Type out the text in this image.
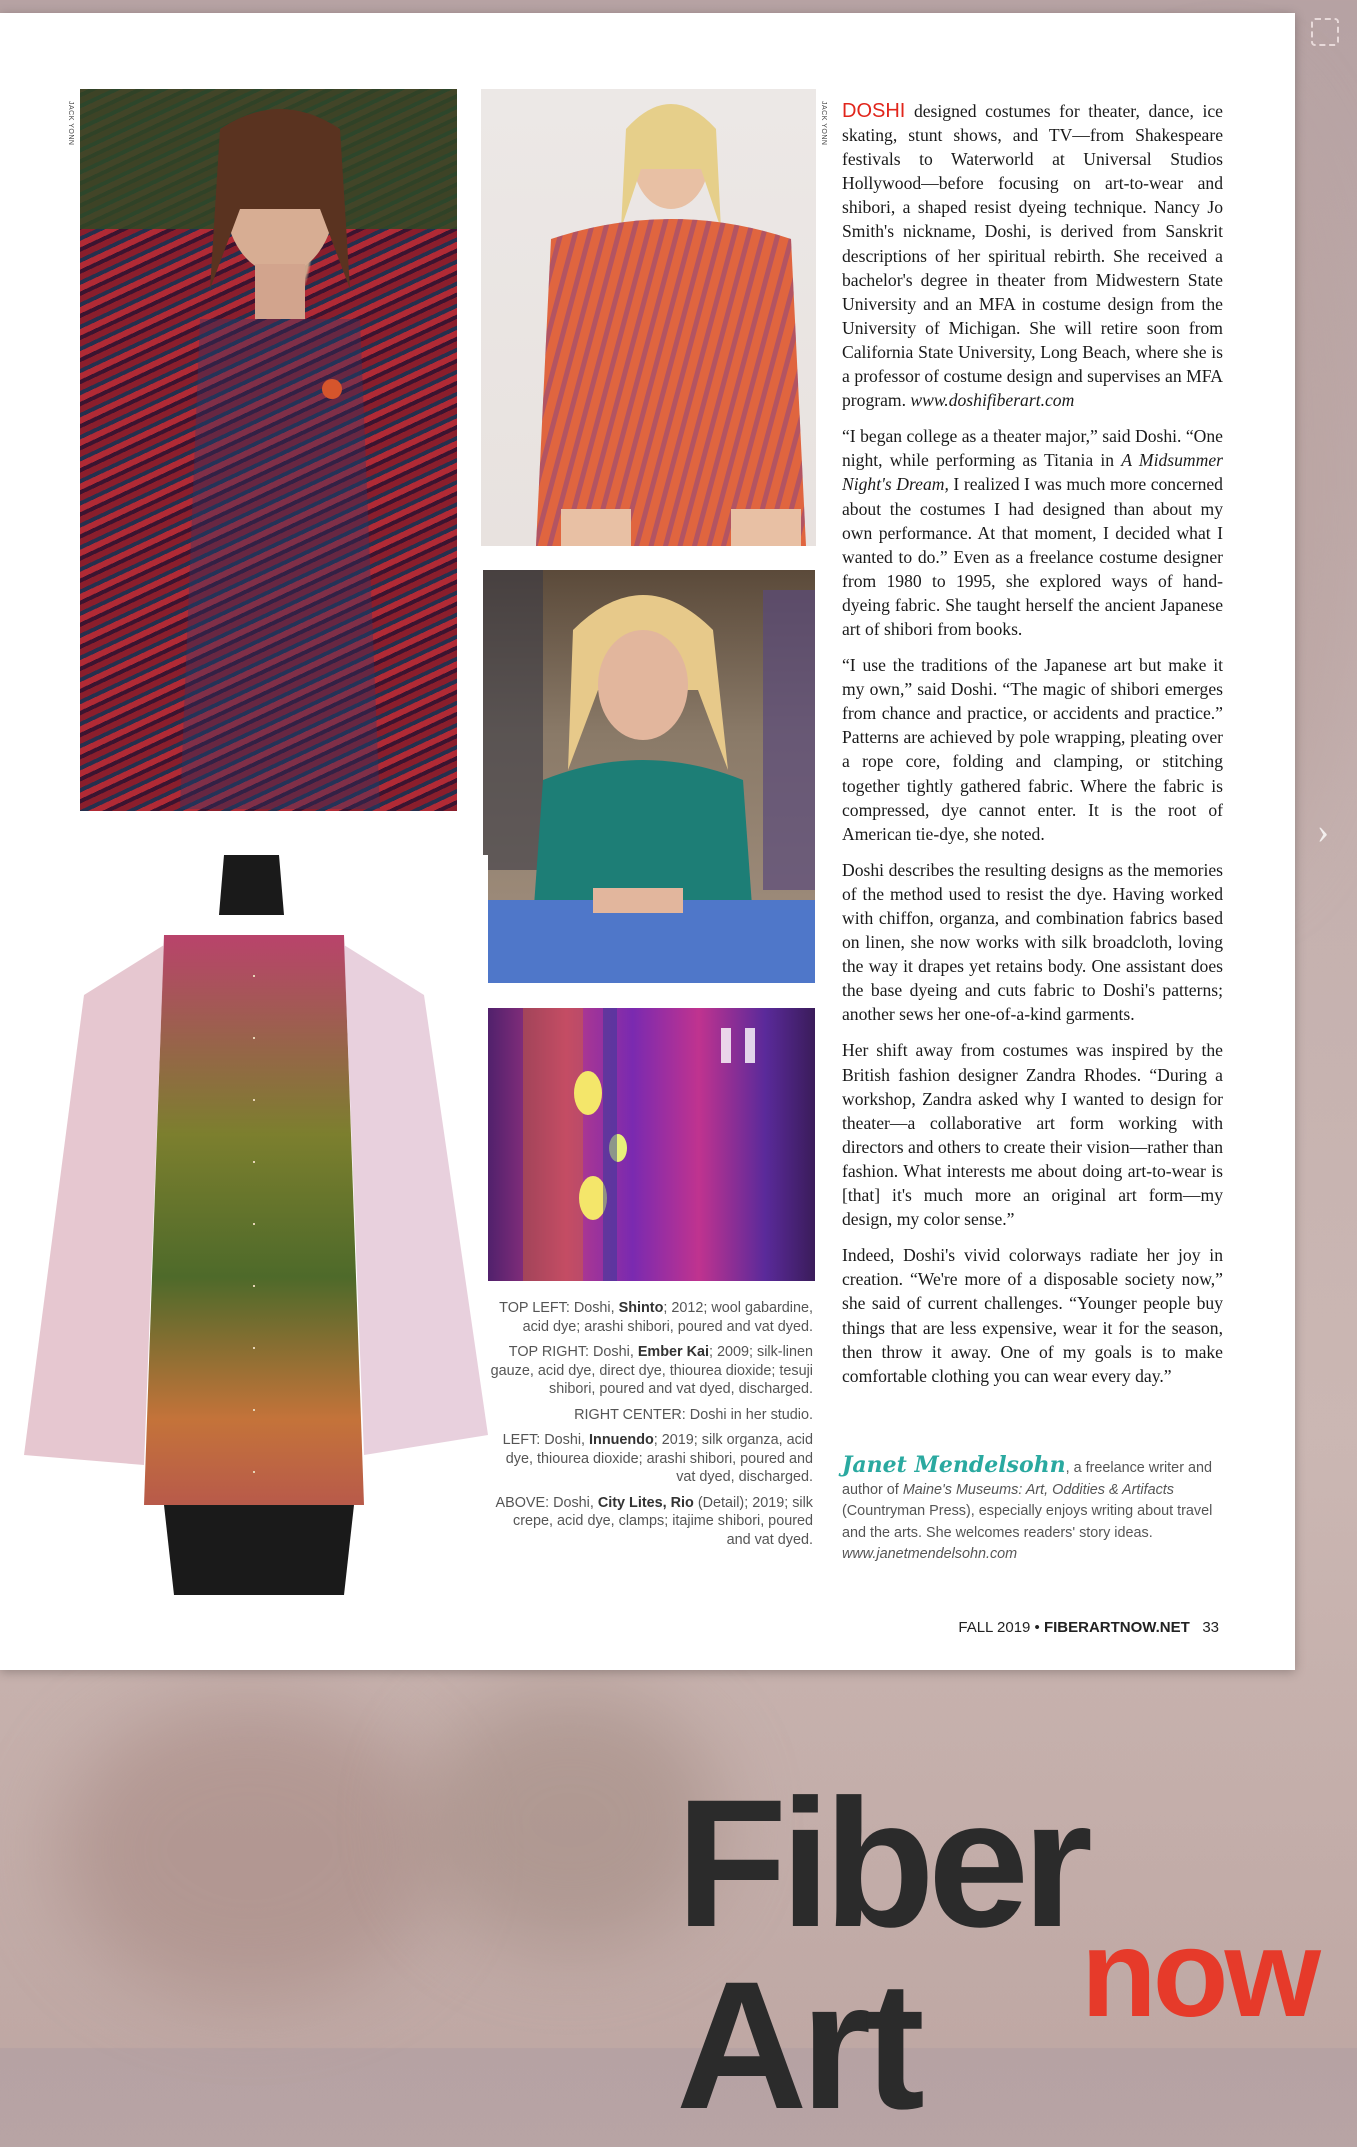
›
JACK YONN	JACK YONN DOSHI designed costumes for theater, dance, ice skating, stunt shows, and TV—from Shakespeare festivals to Waterworld at Universal Studios Hollywood—before focusing on art-to-wear and shibori, a shaped resist dyeing technique. Nancy Jo Smith's nickname, Doshi, is derived from Sanskrit descriptions of her spiritual rebirth. She received a bachelor's degree in theater from Midwestern State University and an MFA in costume design from the University of Michigan. She will retire soon from California State University, Long Beach, where she is a professor of costume design and supervises an MFA program. www.doshifiberart.com

“I began college as a theater major,” said Doshi. “One night, while performing as Titania in A Midsummer Night's Dream, I realized I was much more concerned about the costumes I had designed than about my own performance. At that moment, I decided what I wanted to do.” Even as a freelance costume designer from 1980 to 1995, she explored ways of hand-dyeing fabric. She taught herself the ancient Japanese art of shibori from books.

“I use the traditions of the Japanese art but make it my own,” said Doshi. “The magic of shibori emerges from chance and practice, or accidents and practice.” Patterns are achieved by pole wrapping, pleating over a rope core, folding and clamping, or stitching together tightly gathered fabric. Where the fabric is compressed, dye cannot enter. It is the root of American tie-dye, she noted.

Doshi describes the resulting designs as the memories of the method used to resist the dye. Having worked with chiffon, organza, and combination fabrics based on linen, she now works with silk broadcloth, loving the way it drapes yet retains body. One assistant does the base dyeing and cuts fabric to Doshi's patterns; another sews her one-of-a-kind garments.

Her shift away from costumes was inspired by the British fashion designer Zandra Rhodes. “During a workshop, Zandra asked why I wanted to design for theater—a collaborative art form working with directors and others to create their vision—rather than fashion. What interests me about doing art-to-wear is [that] it's much more an original art form—my design, my color sense.”

Indeed, Doshi's vivid colorways radiate her joy in creation. “We're more of a disposable society now,” she said of current challenges. “Younger people buy things that are less expensive, wear it for the season, then throw it away. One of my goals is to make comfortable clothing you can wear every day.”

TOP LEFT: Doshi, Shinto; 2012; wool gabardine, acid dye; arashi shibori, poured and vat dyed.

TOP RIGHT: Doshi, Ember Kai; 2009; silk-linen gauze, acid dye, direct dye, thiourea dioxide; tesuji shibori, poured and vat dyed, discharged.

RIGHT CENTER: Doshi in her studio.

LEFT: Doshi, Innuendo; 2019; silk organza, acid dye, thiourea dioxide; arashi shibori, poured and vat dyed, discharged.

ABOVE: Doshi, City Lites, Rio (Detail); 2019; silk crepe, acid dye, clamps; itajime shibori, poured and vat dyed.

Janet Mendelsohn, a freelance writer and author of Maine's Museums: Art, Oddities & Artifacts (Countryman Press), especially enjoys writing about travel and the arts. She welcomes readers' story ideas. www.janetmendelsohn.com
FALL 2019 • FIBERARTNOW.NET 33
Fiber Art	now
